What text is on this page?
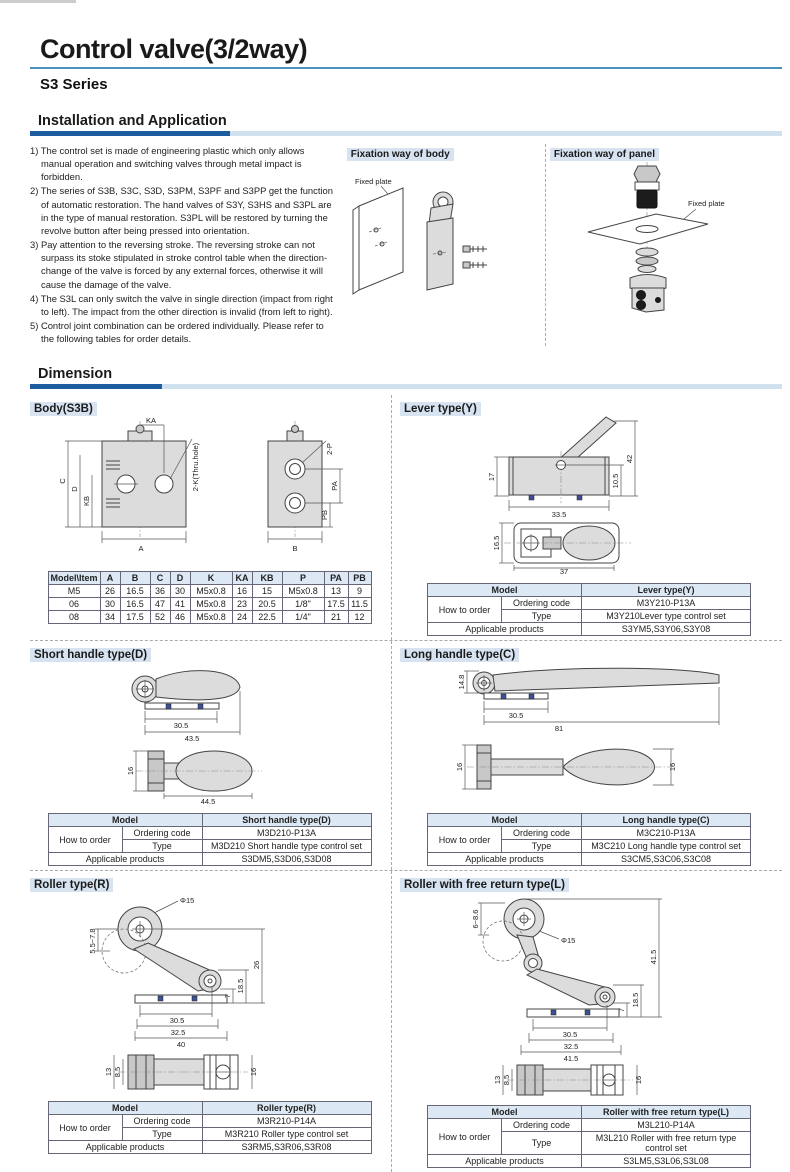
Control valve(3/2way)
S3 Series
Installation and Application

1) The control set is made of engineering plastic which only allows manual operation and switching valves through metal impact is forbidden.

2) The series of S3B, S3C, S3D, S3PM, S3PF and S3PP get the function of automatic restoration. The hand valves of S3Y, S3HS and S3PL are in the type of manual restoration. S3PL will be restored by turning the revolve button after being pressed into orientation.

3) Pay attention to the reversing stroke. The reversing stroke can not surpass its stoke stipulated in stroke control table when the direction-change of the valve is forced by any external forces, otherwise it will cause the damage of the valve.

4) The S3L can only switch the valve in single direction (impact from right to left). The impact from the other direction is invalid (from left to right).

5) Control joint combination can be ordered individually. Please refer to the following tables for order details.

Fixation way of body
Fixed plate
Fixation way of panel
Fixed plate
Dimension
Body(S3B)
KA
2-K(Thru.hole)
C
D
KB
A
2-P
PA
PB
B
Model\Item	A	B	C	D	K	KA	KB	P	PA	PB
M5	26	16.5	36	30	M5x0.8	16	15	M5x0.8	13	9
06	30	16.5	47	41	M5x0.8	23	20.5	1/8"	17.5	11.5
08	34	17.5	52	46	M5x0.8	24	22.5	1/4"	21	12
Lever type(Y)
17
42
10.5
33.5
16.5
37
Model		Lever type(Y)
How to order	Ordering code	M3Y210-P13A
	Type	M3Y210Lever type control set
Applicable products		S3YM5,S3Y06,S3Y08
Short handle type(D)
30.5
43.5
16
44.5
Model		Short handle type(D)
How to order	Ordering code	M3D210-P13A
	Type	M3D210 Short handle type control set
Applicable products		S3DM5,S3D06,S3D08
Long handle type(C)
14.8
30.5
81
16	16
Model		Long handle type(C)
How to order	Ordering code	M3C210-P13A
	Type	M3C210 Long handle type control set
Applicable products		S3CM5,S3C06,S3C08
Roller type(R)
Φ15
5.5~7.8
26
18.5
7
30.5
32.5
40
13 8.5	16
Model		Roller type(R)
How to order	Ordering code	M3R210-P14A
	Type	M3R210 Roller type control set
Applicable products		S3RM5,S3R06,S3R08
Roller with free return type(L)
Φ15
6~8.6
41.5
18.5
7
30.5
32.5
41.5
13 8.5	16
Model		Roller with free return type(L)
How to order	Ordering code	M3L210-P14A
	Type	M3L210 Roller with free return type control set
Applicable products		S3LM5,S3L06,S3L08
